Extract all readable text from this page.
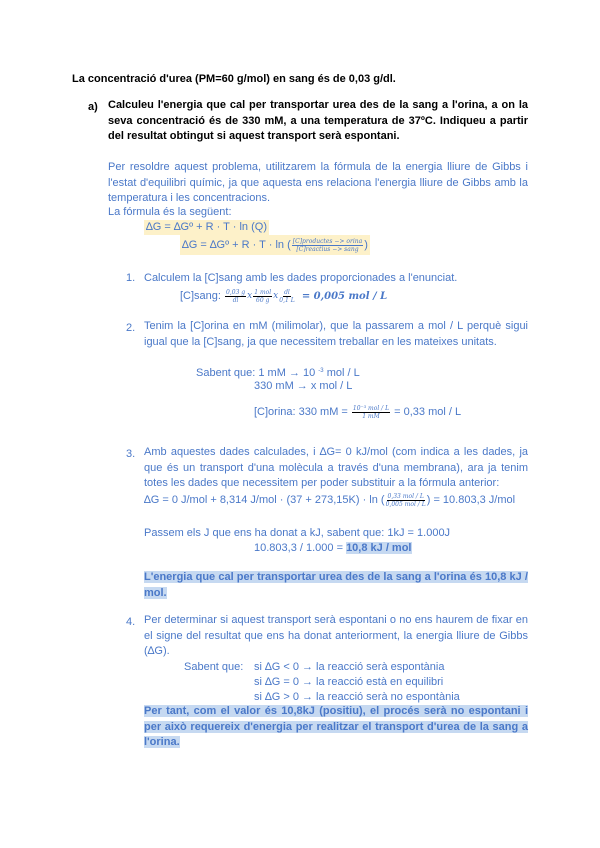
La concentració d'urea (PM=60 g/mol) en sang és de 0,03 g/dl.
a) Calculeu l'energia que cal per transportar urea des de la sang a l'orina, a on la seva concentració és de 330 mM, a una temperatura de 37ºC. Indiqueu a partir del resultat obtingut si aquest transport serà espontani.
Per resoldre aquest problema, utilitzarem la fórmula de la energia lliure de Gibbs i l'estat d'equilibri químic, ja que aquesta ens relaciona l'energia lliure de Gibbs amb la temperatura i les concentracions.
La fórmula és la següent:
∆G = ∆Gº + R · T · ln (Q)
∆G = ∆Gº + R · T · ln ( $\frac{\text{[C]productes −> orina}}{\text{[C]reactius −> sang}}$ )
1. Calculem la [C]sang amb les dades proporcionades a l'enunciat.
[C]sang:
$\frac{0,03 g}{dl}$ x $\frac{\text{1 mol}}{60 g}$ x $\frac{dl}{0,1 L}$
= 0,005 mol / L
2. Tenim la [C]orina en mM (milimolar), que la passarem a mol / L perquè sigui igual que la [C]sang, ja que necessitem treballar en les mateixes unitats.
Sabent que: 1 mM → 10 $^{-3}$ mol / L
330 mM → x mol / L
[C]orina: 330 mM =
$\frac{\text{10⁻³ mol / L}}{1 mM}$
= 0,33 mol / L
3. Amb aquestes dades calculades, i ∆G= 0 kJ/mol (com indica a les dades, ja que és un transport d'una molècula a través d'una membrana), ara ja tenim totes les dades que necessitem per poder substituir a la fórmula anterior:
∆G = 0 J/mol + 8,314 J/mol · (37 + 273,15K) · ln ( $\frac{\text{0,33 mol / L}}{\text{0,005 mol / L}}$ ) = 10.803,3 J/mol
Passem els J que ens ha donat a kJ, sabent que: 1kJ = 1.000J
10.803,3 / 1.000 = 10,8 kJ / mol
L'energia que cal per transportar urea des de la sang a l'orina és 10,8 kJ / mol.
4. Per determinar si aquest transport serà espontani o no ens haurem de fixar en el signe del resultat que ens ha donat anteriorment, la energia lliure de Gibbs (∆G).
Sabent que: si ∆G < 0 → la reacció serà espontània
si ∆G = 0 → la reacció està en equilibri
si ∆G > 0 → la reacció serà no espontània
Per tant, com el valor és 10,8kJ (positiu), el procés serà no espontani i per això requereix d'energia per realitzar el transport d'urea de la sang a l'orina.
